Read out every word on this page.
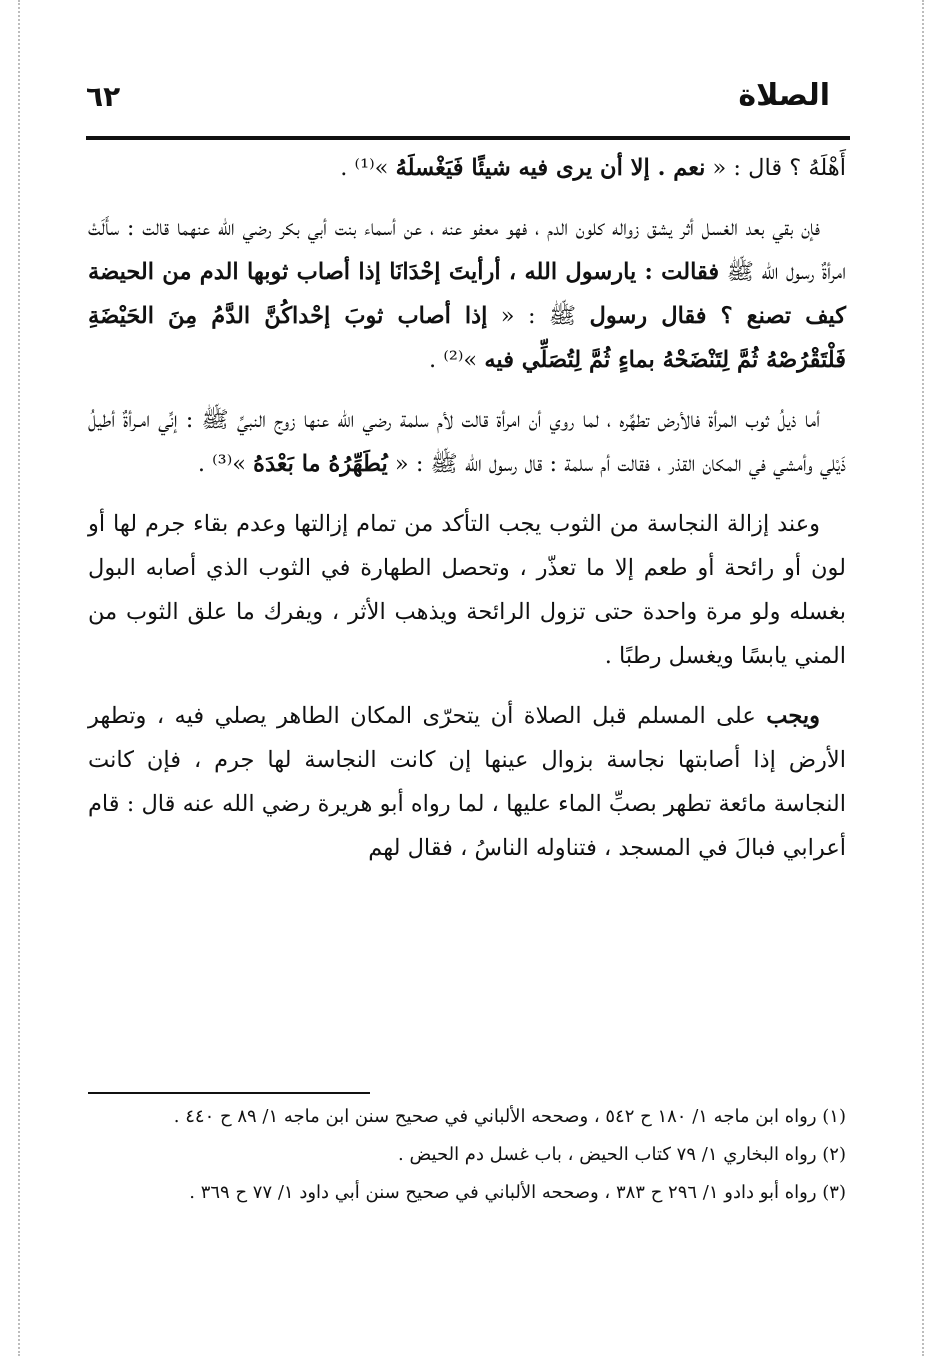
الصلاة
٦٢

أَهْلَهُ ؟ قال : « نعم . إلا أن يرى فيه شيئًا فَيَغْسلَهُ »⁽¹⁾ .

فإن بقي بعد الغسل أثر يشق زواله كلون الدم ، فهو معفو عنه ، عن أسماء بنت أبي بكر رضي الله عنهما قالت : سأَلَتْ امرأةٌ رسول الله ﷺ فقالت : يارسول الله ، أرأيتَ إحْدَانَا إذا أصاب ثوبها الدم من الحيضة كيف تصنع ؟ فقال رسول ﷺ : « إذا أصاب ثوبَ إحْداكُنَّ الدَّمُ مِنَ الحَيْضَةِ فَلْتَقْرُصْهُ ثُمَّ لِتَنْضَحْهُ بماءٍ ثُمَّ لِتُصَلِّي فيه »⁽²⁾ .

أما ذيلُ ثوب المرأة فالأرض تطهِّره ، لما روي أن امرأة قالت لأم سلمة رضي الله عنها زوج النبيِّ ﷺ : إنِّي امـرأةٌ أطيلُ ذَيْلي وأمشي في المكان القذر ، فقالت أم سلمة : قال رسول الله ﷺ : « يُطَهِّرُهُ ما بَعْدَهُ »⁽³⁾ .

وعند إزالة النجاسة من الثوب يجب التأكد من تمام إزالتها وعدم بقاء جرم لها أو لون أو رائحة أو طعم إلا ما تعذّر ، وتحصل الطهارة في الثوب الذي أصابه البول بغسله ولو مرة واحدة حتى تزول الرائحة ويذهب الأثر ، ويفرك ما علق الثوب من المني يابسًا ويغسل رطبًا .

ويجب على المسلم قبل الصلاة أن يتحرّى المكان الطاهر يصلي فيه ، وتطهر الأرض إذا أصابتها نجاسة بزوال عينها إن كانت النجاسة لها جرم ، فإن كانت النجاسة مائعة تطهر بصبِّ الماء عليها ، لما رواه أبو هريرة رضي الله عنه قال : قام أعرابي فبالَ في المسجد ، فتناوله الناسُ ، فقال لهم

(١) رواه ابن ماجه ١/ ١٨٠ ح ٥٤٢ ، وصححه الألباني في صحيح سنن ابن ماجه ١/ ٨٩ ح ٤٤٠ .

(٢) رواه البخاري ١/ ٧٩ كتاب الحيض ، باب غسل دم الحيض .

(٣) رواه أبو دادو ١/ ٢٩٦ ح ٣٨٣ ، وصححه الألباني في صحيح سنن أبي داود ١/ ٧٧ ح ٣٦٩ .
